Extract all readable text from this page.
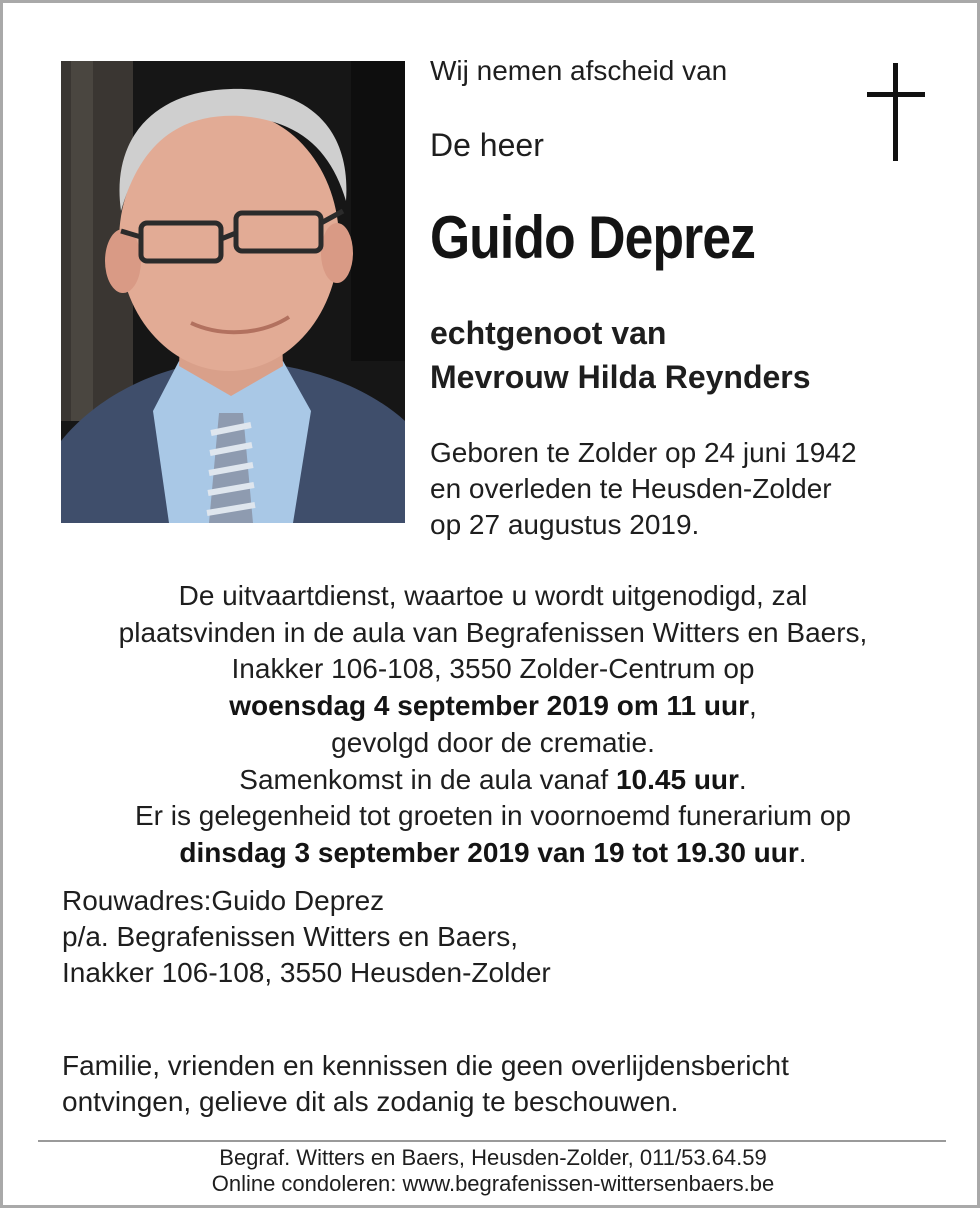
Wij nemen afscheid van
De heer
Guido Deprez
echtgenoot van
Mevrouw Hilda Reynders
Geboren te Zolder op 24 juni 1942
en overleden te Heusden-Zolder
op 27 augustus 2019.
De uitvaartdienst, waartoe u wordt uitgenodigd, zal
plaatsvinden in de aula van Begrafenissen Witters en Baers,
Inakker 106-108, 3550 Zolder-Centrum op
woensdag 4 september 2019 om 11 uur,
gevolgd door de crematie.
Samenkomst in de aula vanaf 10.45 uur.
Er is gelegenheid tot groeten in voornoemd funerarium op
dinsdag 3 september 2019 van 19 tot 19.30 uur.
Rouwadres:Guido Deprez
p/a. Begrafenissen Witters en Baers,
Inakker 106-108, 3550 Heusden-Zolder
Familie, vrienden en kennissen die geen overlijdensbericht
ontvingen, gelieve dit als zodanig te beschouwen.
Begraf. Witters en Baers, Heusden-Zolder, 011/53.64.59
Online condoleren: www.begrafenissen-wittersenbaers.be
